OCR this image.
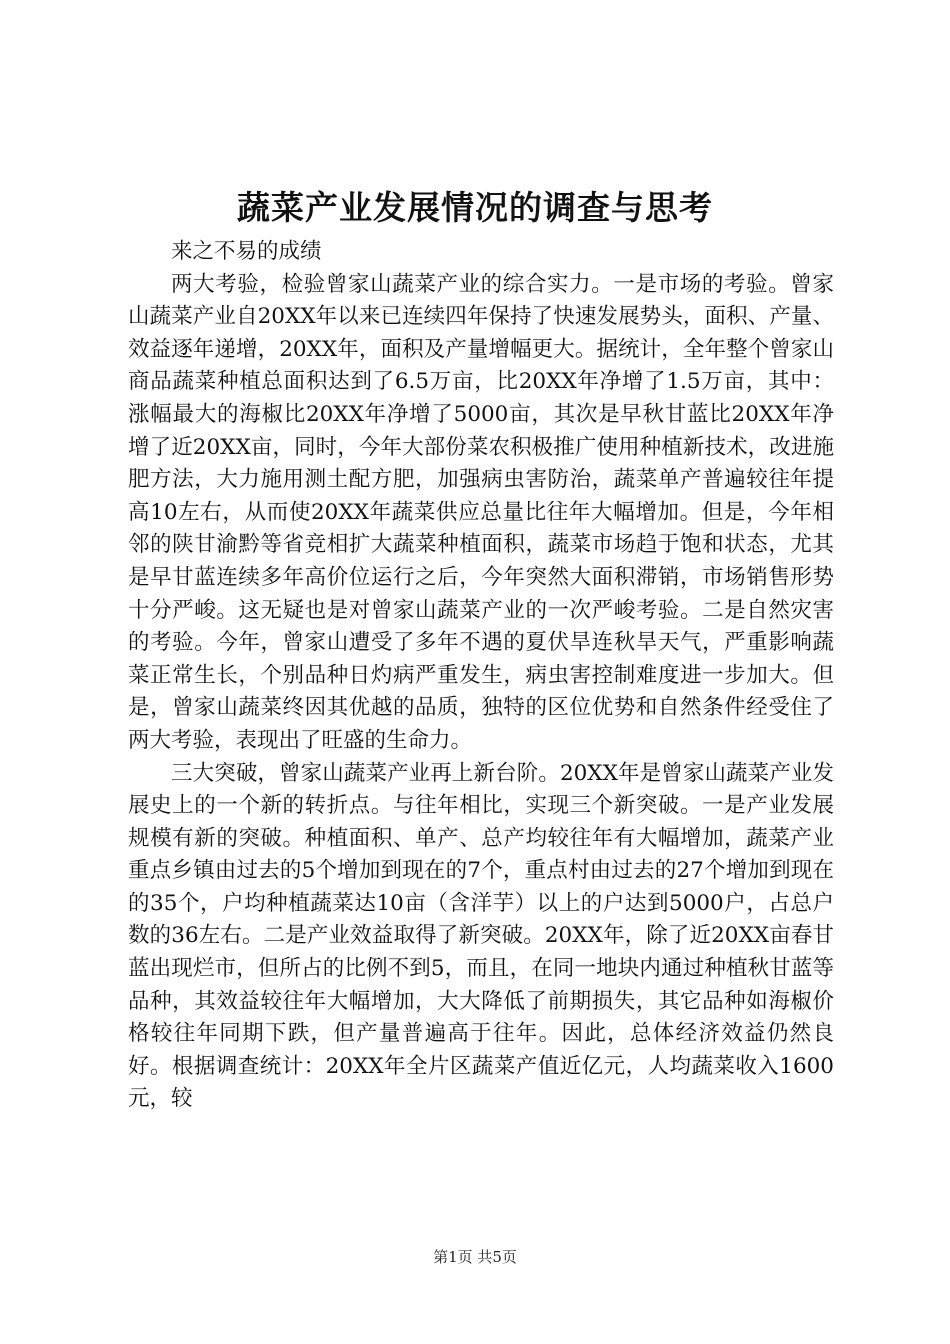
蔬菜产业发展情况的调查与思考

来之不易的成绩

两大考验，检验曾家山蔬菜产业的综合实力。一是市场的考验。曾家山蔬菜产业自20XX年以来已连续四年保持了快速发展势头，面积、产量、效益逐年递增，20XX年，面积及产量增幅更大。据统计，全年整个曾家山商品蔬菜种植总面积达到了6.5万亩，比20XX年净增了1.5万亩，其中：涨幅最大的海椒比20XX年净增了5000亩，其次是早秋甘蓝比20XX年净增了近20XX亩，同时，今年大部份菜农积极推广使用种植新技术，改进施肥方法，大力施用测土配方肥，加强病虫害防治，蔬菜单产普遍较往年提高10左右，从而使20XX年蔬菜供应总量比往年大幅增加。但是，今年相邻的陕甘渝黔等省竞相扩大蔬菜种植面积，蔬菜市场趋于饱和状态，尤其是早甘蓝连续多年高价位运行之后，今年突然大面积滞销，市场销售形势十分严峻。这无疑也是对曾家山蔬菜产业的一次严峻考验。二是自然灾害的考验。今年，曾家山遭受了多年不遇的夏伏旱连秋旱天气，严重影响蔬菜正常生长，个别品种日灼病严重发生，病虫害控制难度进一步加大。但是，曾家山蔬菜终因其优越的品质，独特的区位优势和自然条件经受住了两大考验，表现出了旺盛的生命力。

三大突破，曾家山蔬菜产业再上新台阶。20XX年是曾家山蔬菜产业发展史上的一个新的转折点。与往年相比，实现三个新突破。一是产业发展规模有新的突破。种植面积、单产、总产均较往年有大幅增加，蔬菜产业重点乡镇由过去的5个增加到现在的7个，重点村由过去的27个增加到现在的35个，户均种植蔬菜达10亩（含洋芋）以上的户达到5000户，占总户数的36左右。二是产业效益取得了新突破。20XX年，除了近20XX亩春甘蓝出现烂市，但所占的比例不到5，而且，在同一地块内通过种植秋甘蓝等品种，其效益较往年大幅增加，大大降低了前期损失，其它品种如海椒价格较往年同期下跌，但产量普遍高于往年。因此，总体经济效益仍然良好。根据调查统计：20XX年全片区蔬菜产值近亿元，人均蔬菜收入1600元，较

第1页 共5页
